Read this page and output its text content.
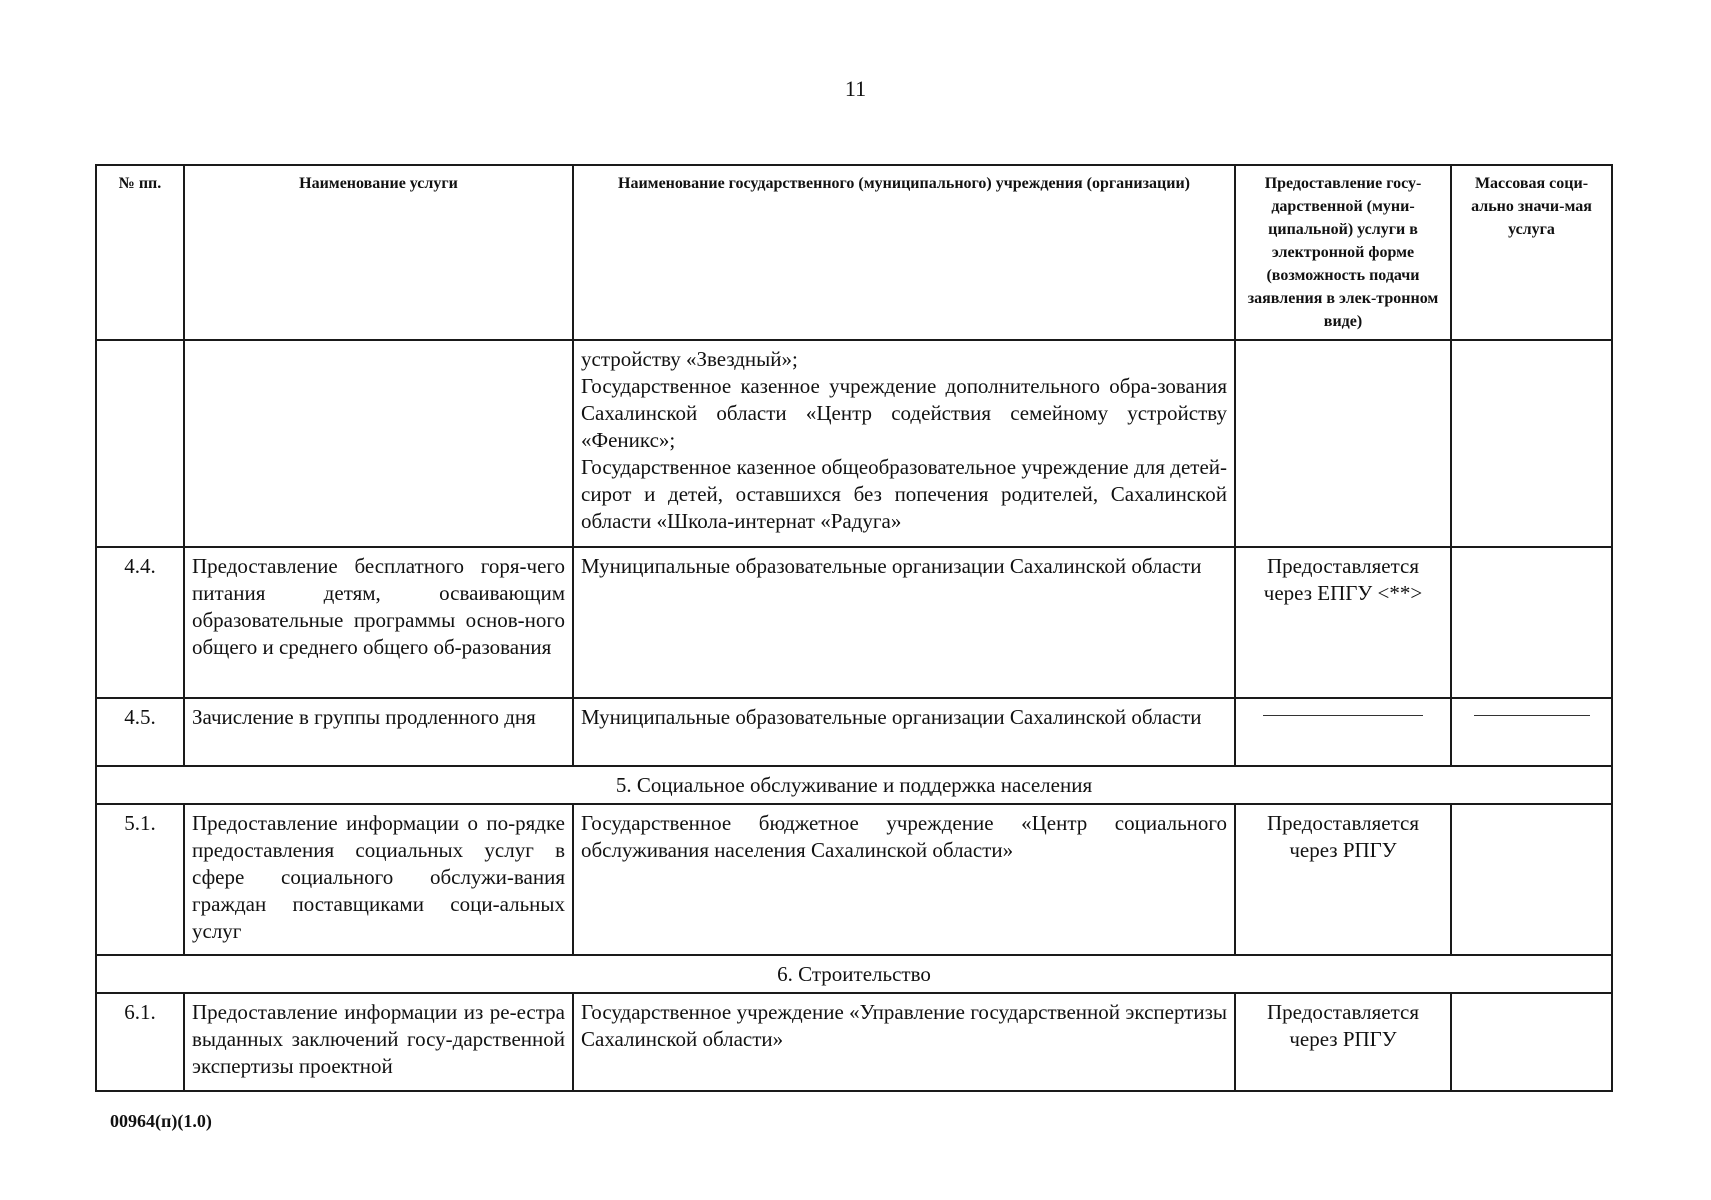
11
№ пп.	Наименование услуги	Наименование государственного (муниципального) учреждения (организации)	Предоставление госу-дарственной (муни-ципальной) услуги в электронной форме (возможность подачи заявления в элек-тронном виде)	Массовая соци-ально значи-мая услуга

		устройству «Звездный»;
Государственное казенное учреждение дополнительного обра-зования Сахалинской области «Центр содействия семейному устройству «Феникс»;
Государственное казенное общеобразовательное учреждение для детей-сирот и детей, оставшихся без попечения родителей, Сахалинской области «Школа-интернат «Радуга»		

4.4.	Предоставление бесплатного горя-чего питания детям, осваивающим образовательные программы основ-ного общего и среднего общего об-разования	Муниципальные образовательные организации Сахалинской области	Предоставляется через ЕПГУ <**>	
4.5.	Зачисление в группы продленного дня	Муниципальные образовательные организации Сахалинской области	

5. Социальное обслуживание и поддержка населения				
5.1.	Предоставление информации о по-рядке предоставления социальных услуг в сфере социального обслужи-вания граждан поставщиками соци-альных услуг	Государственное бюджетное учреждение «Центр социального обслуживания населения Сахалинской области»	Предоставляется через РПГУ	
6. Строительство				
6.1.	Предоставление информации из ре-естра выданных заключений госу-дарственной экспертизы проектной	Государственное учреждение «Управление государственной экспертизы Сахалинской области»	Предоставляется через РПГУ	
00964(п)(1.0)
